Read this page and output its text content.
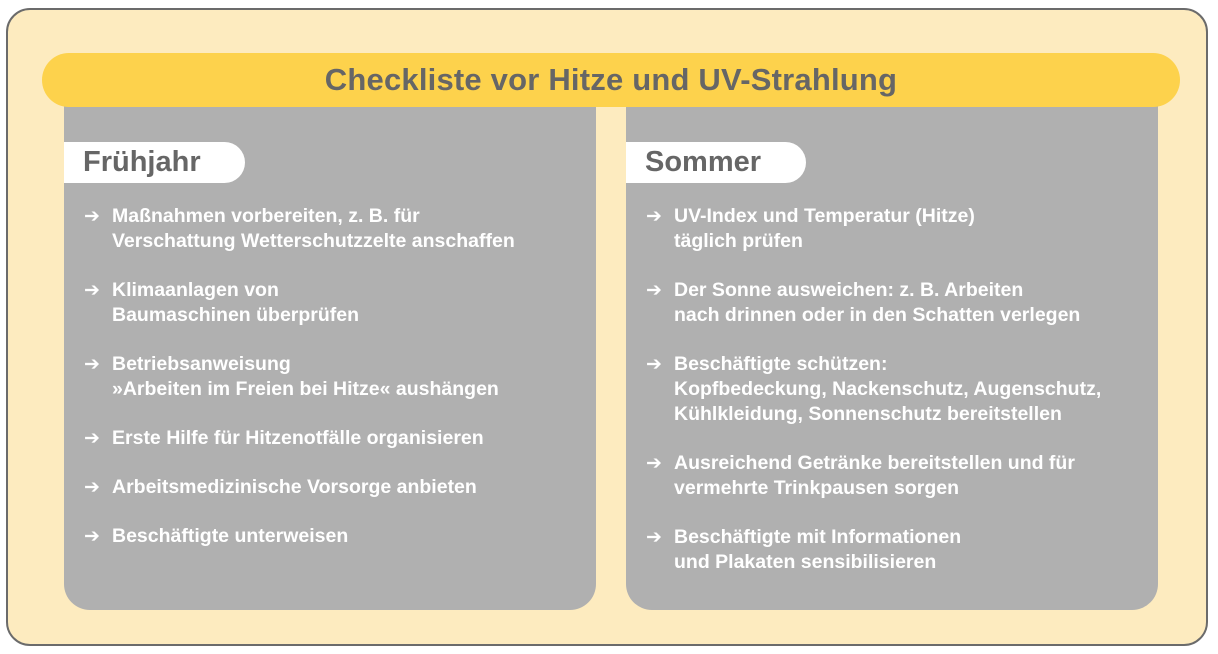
Checkliste vor Hitze und UV-Strahlung
Frühjahr
➔ Maßnahmen vorbereiten, z. B. für
Verschattung Wetterschutzzelte anschaffen
➔ Klimaanlagen von
Baumaschinen überprüfen
➔ Betriebsanweisung
»Arbeiten im Freien bei Hitze« aushängen
➔ Erste Hilfe für Hitzenotfälle organisieren
➔ Arbeitsmedizinische Vorsorge anbieten
➔ Beschäftigte unterweisen
Sommer
➔ UV-Index und Temperatur (Hitze)
täglich prüfen
➔ Der Sonne ausweichen: z. B. Arbeiten
nach drinnen oder in den Schatten verlegen
➔ Beschäftigte schützen:
Kopfbedeckung, Nackenschutz, Augenschutz,
Kühlkleidung, Sonnenschutz bereitstellen
➔ Ausreichend Getränke bereitstellen und für
vermehrte Trinkpausen sorgen
➔ Beschäftigte mit Informationen
und Plakaten sensibilisieren
